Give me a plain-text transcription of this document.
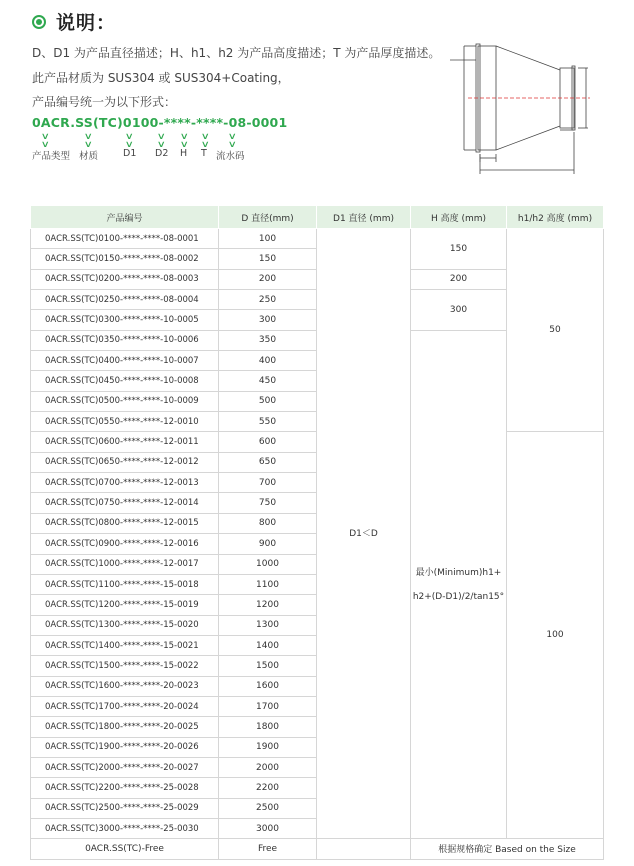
说明：
D、D1 为产品直径描述；H、h1、h2 为产品高度描述；T 为产品厚度描述。
此产品材质为 SUS304 或 SUS304+Coating，
产品编号统一为以下形式：
0ACR.SS(TC)0100-****-****-08-0001
∨
∨
∨
∨
∨
∨
∨
∨
∨
∨
∨
∨
∨
∨
产品类型 材质	D1 D2 H T 流水码
产品编号	D 直径(mm)	D1 直径 (mm)	H 高度 (mm)	h1/h2 高度 (mm)
0ACR.SS(TC)0100-****-****-08-0001	100	D1＜D	150	50
0ACR.SS(TC)0150-****-****-08-0002	150			
0ACR.SS(TC)0200-****-****-08-0003	200		200	
0ACR.SS(TC)0250-****-****-08-0004	250		300	
0ACR.SS(TC)0300-****-****-10-0005	300			
0ACR.SS(TC)0350-****-****-10-0006	350		最小(Minimum)h1+
h2+(D-D1)/2/tan15°	
0ACR.SS(TC)0400-****-****-10-0007	400			
0ACR.SS(TC)0450-****-****-10-0008	450			
0ACR.SS(TC)0500-****-****-10-0009	500			
0ACR.SS(TC)0550-****-****-12-0010	550			
0ACR.SS(TC)0600-****-****-12-0011	600			100
0ACR.SS(TC)0650-****-****-12-0012	650			
0ACR.SS(TC)0700-****-****-12-0013	700			
0ACR.SS(TC)0750-****-****-12-0014	750			
0ACR.SS(TC)0800-****-****-12-0015	800			
0ACR.SS(TC)0900-****-****-12-0016	900			
0ACR.SS(TC)1000-****-****-12-0017	1000			
0ACR.SS(TC)1100-****-****-15-0018	1100			
0ACR.SS(TC)1200-****-****-15-0019	1200			
0ACR.SS(TC)1300-****-****-15-0020	1300			
0ACR.SS(TC)1400-****-****-15-0021	1400			
0ACR.SS(TC)1500-****-****-15-0022	1500			
0ACR.SS(TC)1600-****-****-20-0023	1600			
0ACR.SS(TC)1700-****-****-20-0024	1700			
0ACR.SS(TC)1800-****-****-20-0025	1800			
0ACR.SS(TC)1900-****-****-20-0026	1900			
0ACR.SS(TC)2000-****-****-20-0027	2000			
0ACR.SS(TC)2200-****-****-25-0028	2200			
0ACR.SS(TC)2500-****-****-25-0029	2500			
0ACR.SS(TC)3000-****-****-25-0030	3000			
0ACR.SS(TC)-Free	Free		根据规格确定 Based on the Size	
